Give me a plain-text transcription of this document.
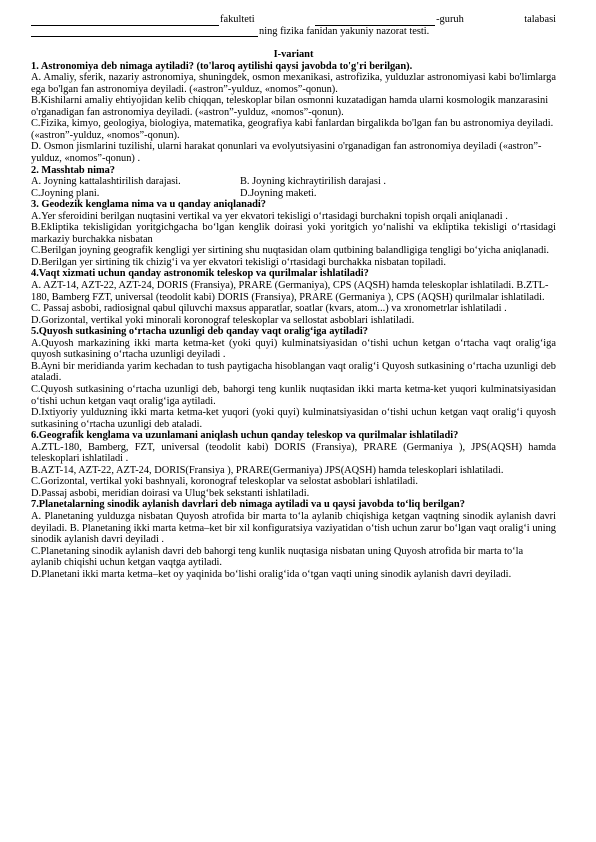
fakulteti	-guruh	talabasi
ning fizika fanidan yakuniy nazorat testi.
I-variant

1. Astronomiya deb nimaga aytiladi? (to'laroq aytilishi qaysi javobda to'g'ri berilgan).

A. Amaliy, sferik, nazariy astronomiya, shuningdek, osmon mexanikasi, astrofizika, yulduzlar astronomiyasi kabi bo'limlarga ega bo'lgan fan astronomiya deyiladi. («astron”-yulduz, «nomos”-qonun).

B.Kishilarni amaliy ehtiyojidan kelib chiqqan, teleskoplar bilan osmonni kuzatadigan hamda ularni kosmologik manzarasini o'rganadigan fan astronomiya deyiladi. («astron”-yulduz, «nomos”-qonun).

C.Fizika, kimyo, geologiya, biologiya, matematika, geografiya kabi fanlardan birgalikda bo'lgan fan bu astronomiya deyiladi. («astron”-yulduz, «nomos”-qonun).

D. Osmon jismlarini tuzilishi, ularni harakat qonunlari va evolyutsiyasini o'rganadigan fan astronomiya deyiladi («astron”-yulduz, «nomos”-qonun) .

2. Masshtab nima?

A. Joyning kattalashtirilish darajasi.	B. Joyning kichraytirilish darajasi .
C.Joyning plani.	D.Joyning maketi.

3. Geodezik kenglama nima va u qanday aniqlanadi?

A.Yer sferoidini berilgan nuqtasini vertikal va yer ekvatori tekisligi o‘rtasidagi burchakni topish orqali aniqlanadi .

B.Ekliptika tekisligidan yoritgichgacha bo‘lgan kenglik doirasi yoki yoritgich yo‘nalishi va ekliptika tekisligi o‘rtasidagi markaziy burchakka nisbatan

C.Berilgan joyning geografik kengligi yer sirtining shu nuqtasidan olam qutbining balandligiga tengligi bo‘yicha aniqlanadi.

D.Berilgan yer sirtining tik chizig‘i va yer ekvatori tekisligi o‘rtasidagi burchakka nisbatan topiladi.

4.Vaqt xizmati uchun qanday astronomik teleskop va qurilmalar ishlatiladi?

A. AZT-14, AZT-22, AZT-24, DORIS (Fransiya), PRARE (Germaniya), CPS (AQSH) hamda teleskoplar ishlatiladi. B.ZTL-180, Bamberg FZT, universal (teodolit kabi) DORIS (Fransiya), PRARE (Germaniya ), CPS (AQSH) qurilmalar ishlatiladi.

C. Passaj asbobi, radiosignal qabul qiluvchi maxsus apparatlar, soatlar (kvars, atom...) va xronometrlar ishlatiladi .

D.Gorizontal, vertikal yoki minorali koronograf teleskoplar va sellostat asboblari ishlatiladi.

5.Quyosh sutkasining o‘rtacha uzunligi deb qanday vaqt oralig‘iga aytiladi?

A.Quyosh markazining ikki marta ketma-ket (yoki quyi) kulminatsiyasidan o‘tishi uchun ketgan o‘rtacha vaqt oralig‘iga quyosh sutkasining o‘rtacha uzunligi deyiladi .

B.Ayni bir meridianda yarim kechadan to tush paytigacha hisoblangan vaqt oralig‘i Quyosh sutkasining o‘rtacha uzunligi deb ataladi.

C.Quyosh sutkasining o‘rtacha uzunligi deb, bahorgi teng kunlik nuqtasidan ikki marta ketma-ket yuqori kulminatsiyasidan o‘tishi uchun ketgan vaqt oralig‘iga aytiladi.

D.Ixtiyoriy yulduzning ikki marta ketma-ket yuqori (yoki quyi) kulminatsiyasidan o‘tishi uchun ketgan vaqt oralig‘i quyosh sutkasining o‘rtacha uzunligi deb ataladi.

6.Geografik kenglama va uzunlamani aniqlash uchun qanday teleskop va qurilmalar ishlatiladi?

A.ZTL-180, Bamberg, FZT, universal (teodolit kabi) DORIS (Fransiya), PRARE (Germaniya ), JPS(AQSH) hamda teleskoplari ishlatiladi .

B.AZT-14, AZT-22, AZT-24, DORIS(Fransiya ), PRARE(Germaniya) JPS(AQSH) hamda teleskoplari ishlatiladi.

C.Gorizontal, vertikal yoki bashnyali, koronograf teleskoplar va selostat asboblari ishlatiladi.

D.Passaj asbobi, meridian doirasi va Ulug‘bek sekstanti ishlatiladi.

7.Planetalarning sinodik aylanish davrlari deb nimaga aytiladi va u qaysi javobda to‘liq berilgan?

A. Planetaning yulduzga nisbatan Quyosh atrofida bir marta to‘la aylanib chiqishiga ketgan vaqtning sinodik aylanish davri deyiladi. B. Planetaning ikki marta ketma–ket bir xil konfiguratsiya vaziyatidan o‘tish uchun zarur bo‘lgan vaqt oralig‘i uning sinodik aylanish davri deyiladi .

C.Planetaning sinodik aylanish davri deb bahorgi teng kunlik nuqtasiga nisbatan uning Quyosh atrofida bir marta to‘la aylanib chiqishi uchun ketgan vaqtga aytiladi.

D.Planetani ikki marta ketma–ket oy yaqinida bo‘lishi oralig‘ida o‘tgan vaqti uning sinodik aylanish davri deyiladi.
